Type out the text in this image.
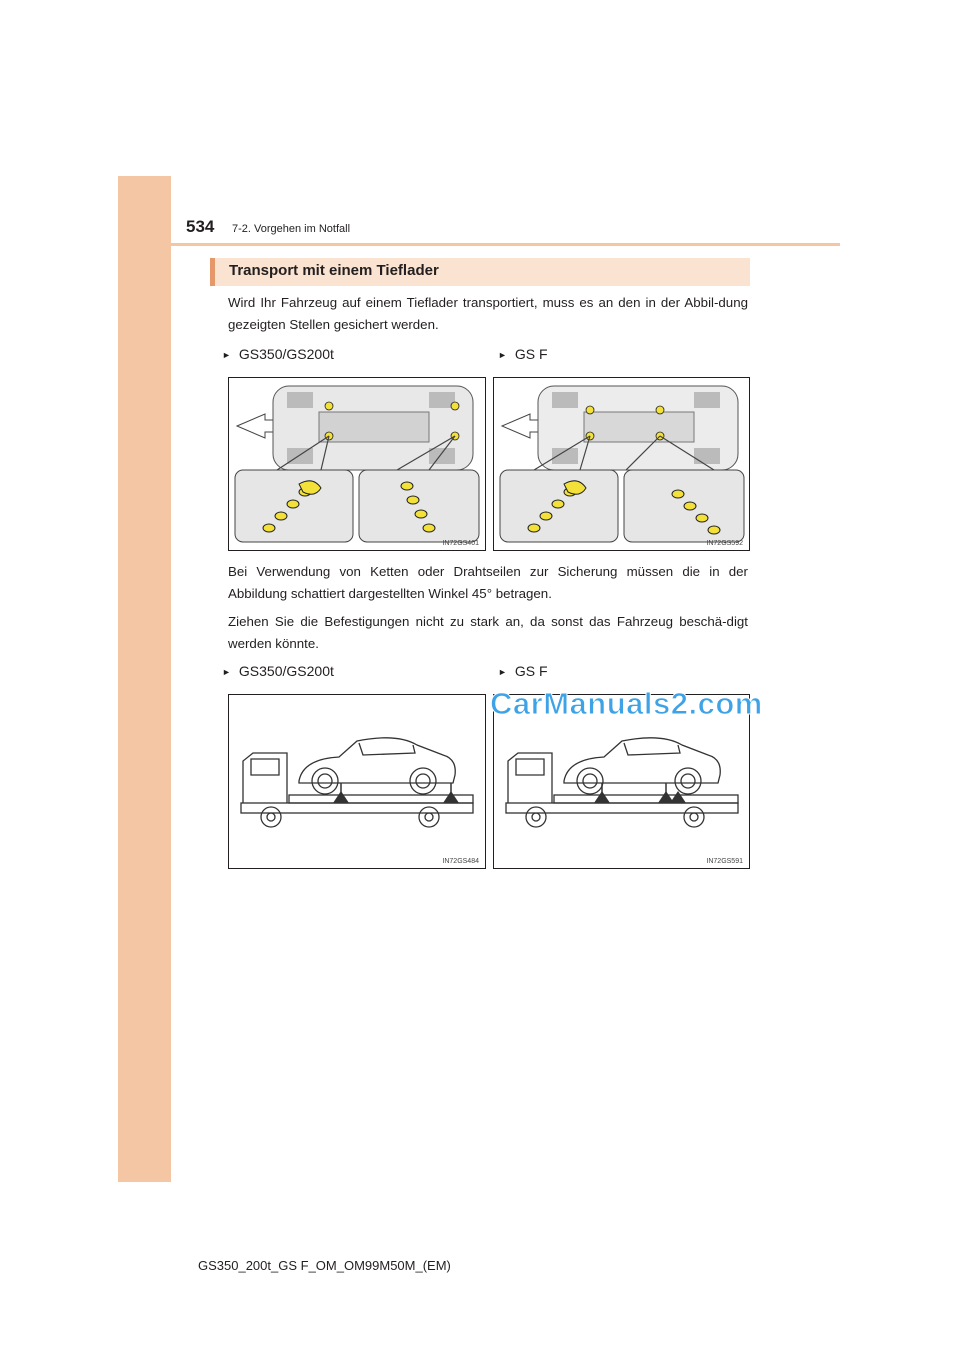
534 7-2. Vorgehen im Notfall
Transport mit einem Tieflader
Wird Ihr Fahrzeug auf einem Tieflader transportiert, muss es an den in der Abbil-dung gezeigten Stellen gesichert werden.
► GS350/GS200t	► GS F
IN72GS401	IN72GS592
Bei Verwendung von Ketten oder Drahtseilen zur Sicherung müssen die in der Abbildung schattiert dargestellten Winkel 45° betragen.
Ziehen Sie die Befestigungen nicht zu stark an, da sonst das Fahrzeug beschä-digt werden könnte.
► GS350/GS200t	► GS F
IN72GS484	IN72GS591
CarManuals2.com
GS350_200t_GS F_OM_OM99M50M_(EM)
